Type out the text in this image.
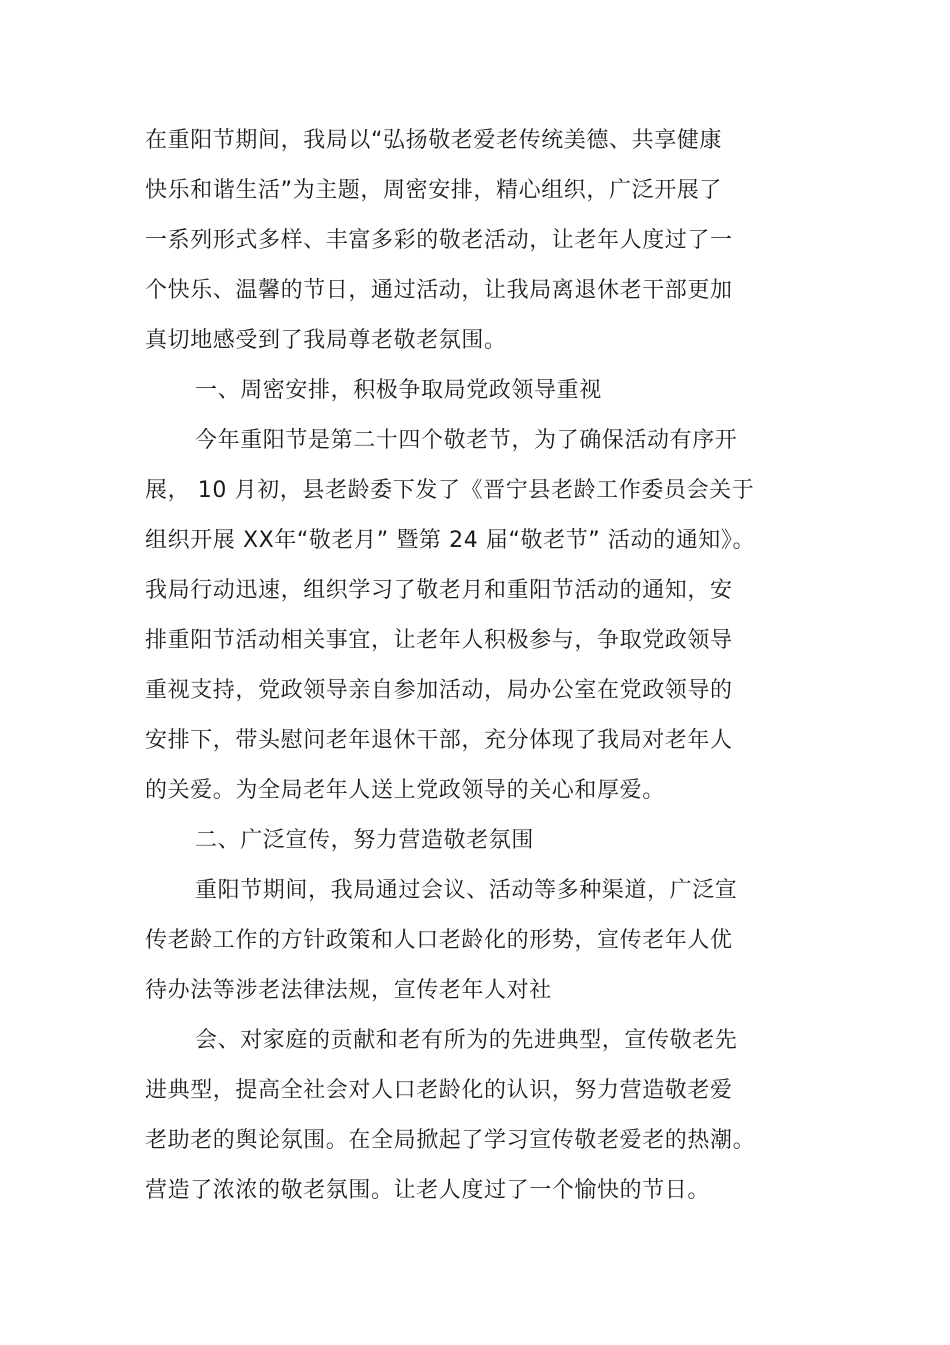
在重阳节期间，我局以“弘扬敬老爱老传统美德、共享健康
快乐和谐生活”为主题，周密安排，精心组织，广泛开展了
一系列形式多样、丰富多彩的敬老活动，让老年人度过了一
个快乐、温馨的节日，通过活动，让我局离退休老干部更加
真切地感受到了我局尊老敬老氛围。
一、周密安排，积极争取局党政领导重视
今年重阳节是第二十四个敬老节，为了确保活动有序开
展， 10 月初，县老龄委下发了《晋宁县老龄工作委员会关于
组织开展 XX年“敬老月” 暨第 24 届“敬老节” 活动的通知》。
我局行动迅速，组织学习了敬老月和重阳节活动的通知，安
排重阳节活动相关事宜，让老年人积极参与，争取党政领导
重视支持，党政领导亲自参加活动，局办公室在党政领导的
安排下，带头慰问老年退休干部，充分体现了我局对老年人
的关爱。为全局老年人送上党政领导的关心和厚爱。
二、广泛宣传，努力营造敬老氛围
重阳节期间，我局通过会议、活动等多种渠道，广泛宣
传老龄工作的方针政策和人口老龄化的形势，宣传老年人优
待办法等涉老法律法规，宣传老年人对社
会、对家庭的贡献和老有所为的先进典型，宣传敬老先
进典型，提高全社会对人口老龄化的认识，努力营造敬老爱
老助老的舆论氛围。在全局掀起了学习宣传敬老爱老的热潮。
营造了浓浓的敬老氛围。让老人度过了一个愉快的节日。
